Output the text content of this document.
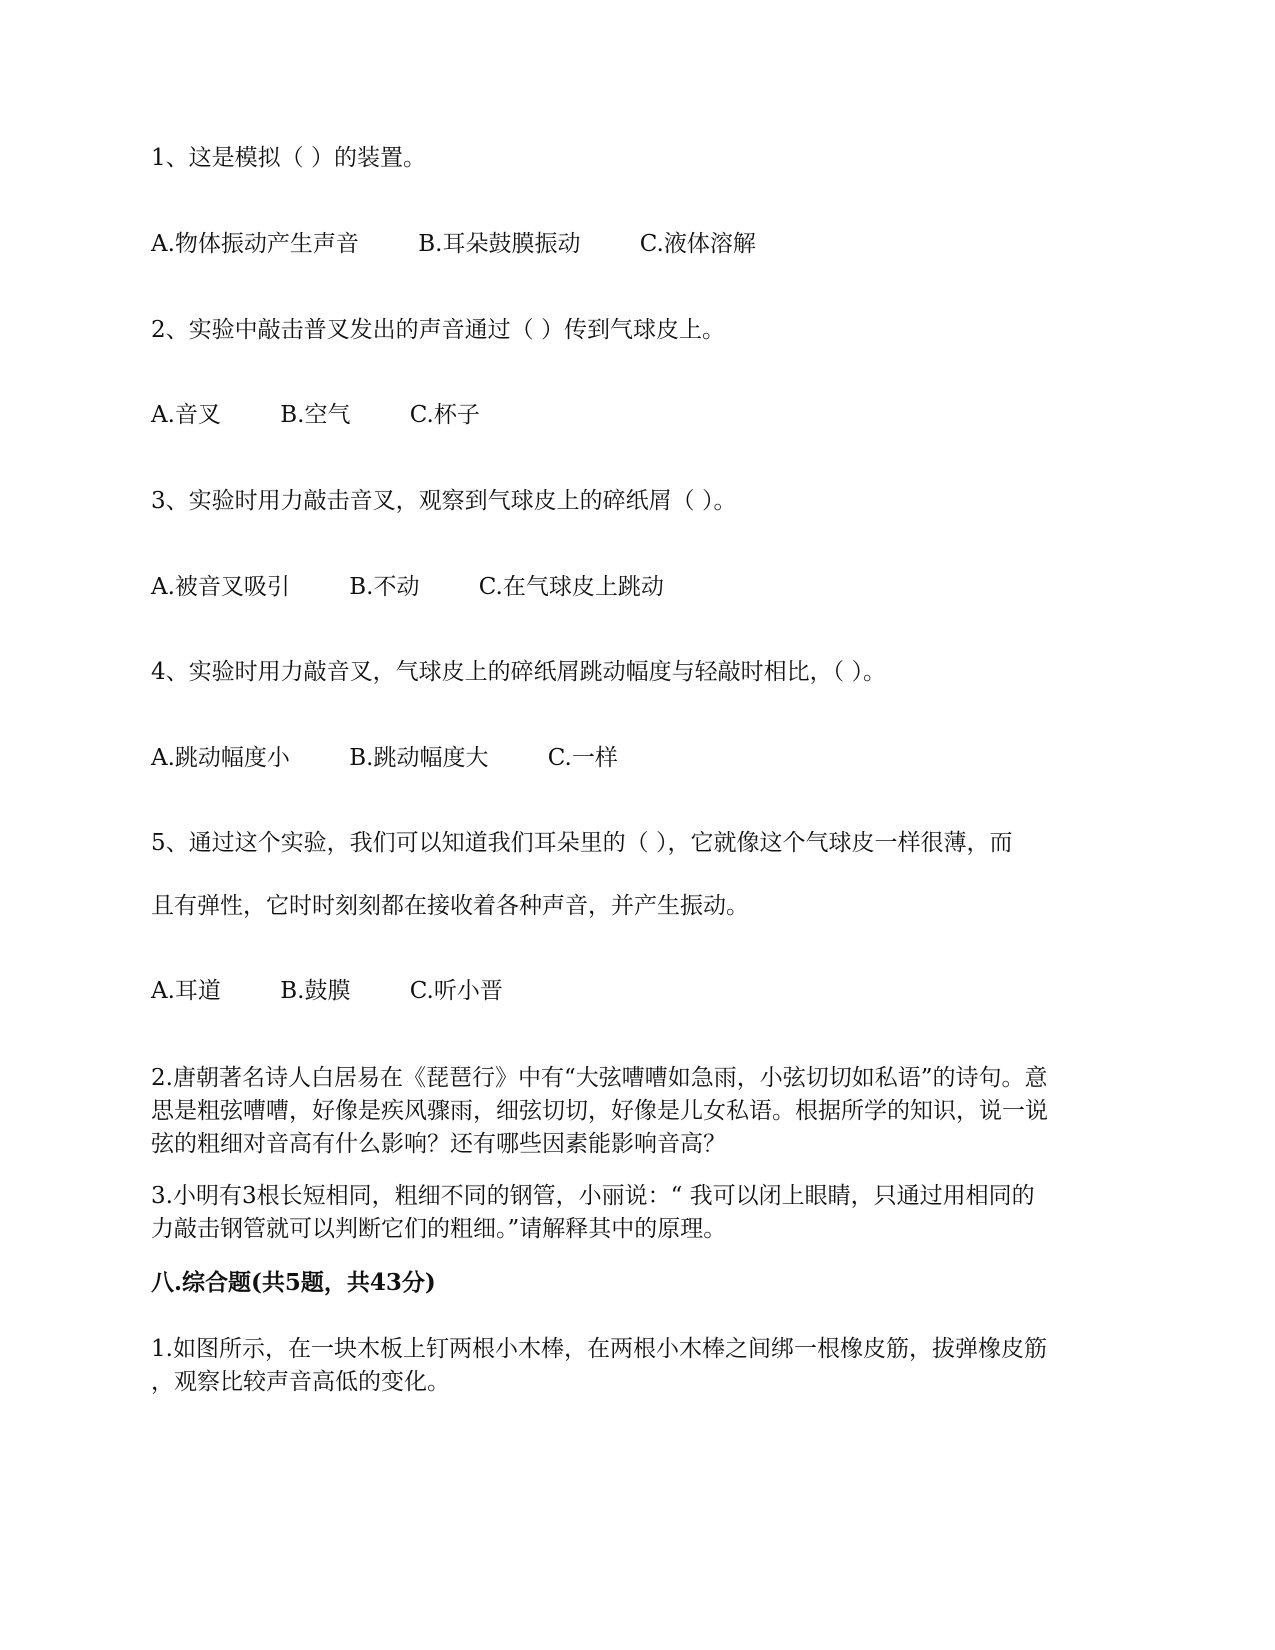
1、这是模拟（ ）的装置。
A.物体振动产生声音	B.耳朵鼓膜振动	C.液体溶解
2、实验中敲击普叉发出的声音通过（ ）传到气球皮上。
A.音叉	B.空气	C.杯子
3、实验时用力敲击音叉，观察到气球皮上的碎纸屑（ ）。
A.被音叉吸引	B.不动	C.在气球皮上跳动
4、实验时用力敲音叉，气球皮上的碎纸屑跳动幅度与轻敲时相比，（ ）。
A.跳动幅度小	B.跳动幅度大	C.一样
5、通过这个实验，我们可以知道我们耳朵里的（ ），它就像这个气球皮一样很薄，而
且有弹性，它时时刻刻都在接收着各种声音，并产生振动。
A.耳道	B.鼓膜	C.听小晋
2.唐朝著名诗人白居易在《琵琶行》中有“大弦嘈嘈如急雨，小弦切切如私语”的诗句。意
思是粗弦嘈嘈，好像是疾风骤雨，细弦切切，好像是儿女私语。根据所学的知识，说一说
弦的粗细对音高有什么影响？还有哪些因素能影响音高？
3.小明有3根长短相同，粗细不同的钢管，小丽说：“ 我可以闭上眼睛，只通过用相同的
力敲击钢管就可以判断它们的粗细。”请解释其中的原理。
八.综合题(共5题，共43分)
1.如图所示，在一块木板上钉两根小木棒，在两根小木棒之间绑一根橡皮筋，拔弹橡皮筋
，观察比较声音高低的变化。
